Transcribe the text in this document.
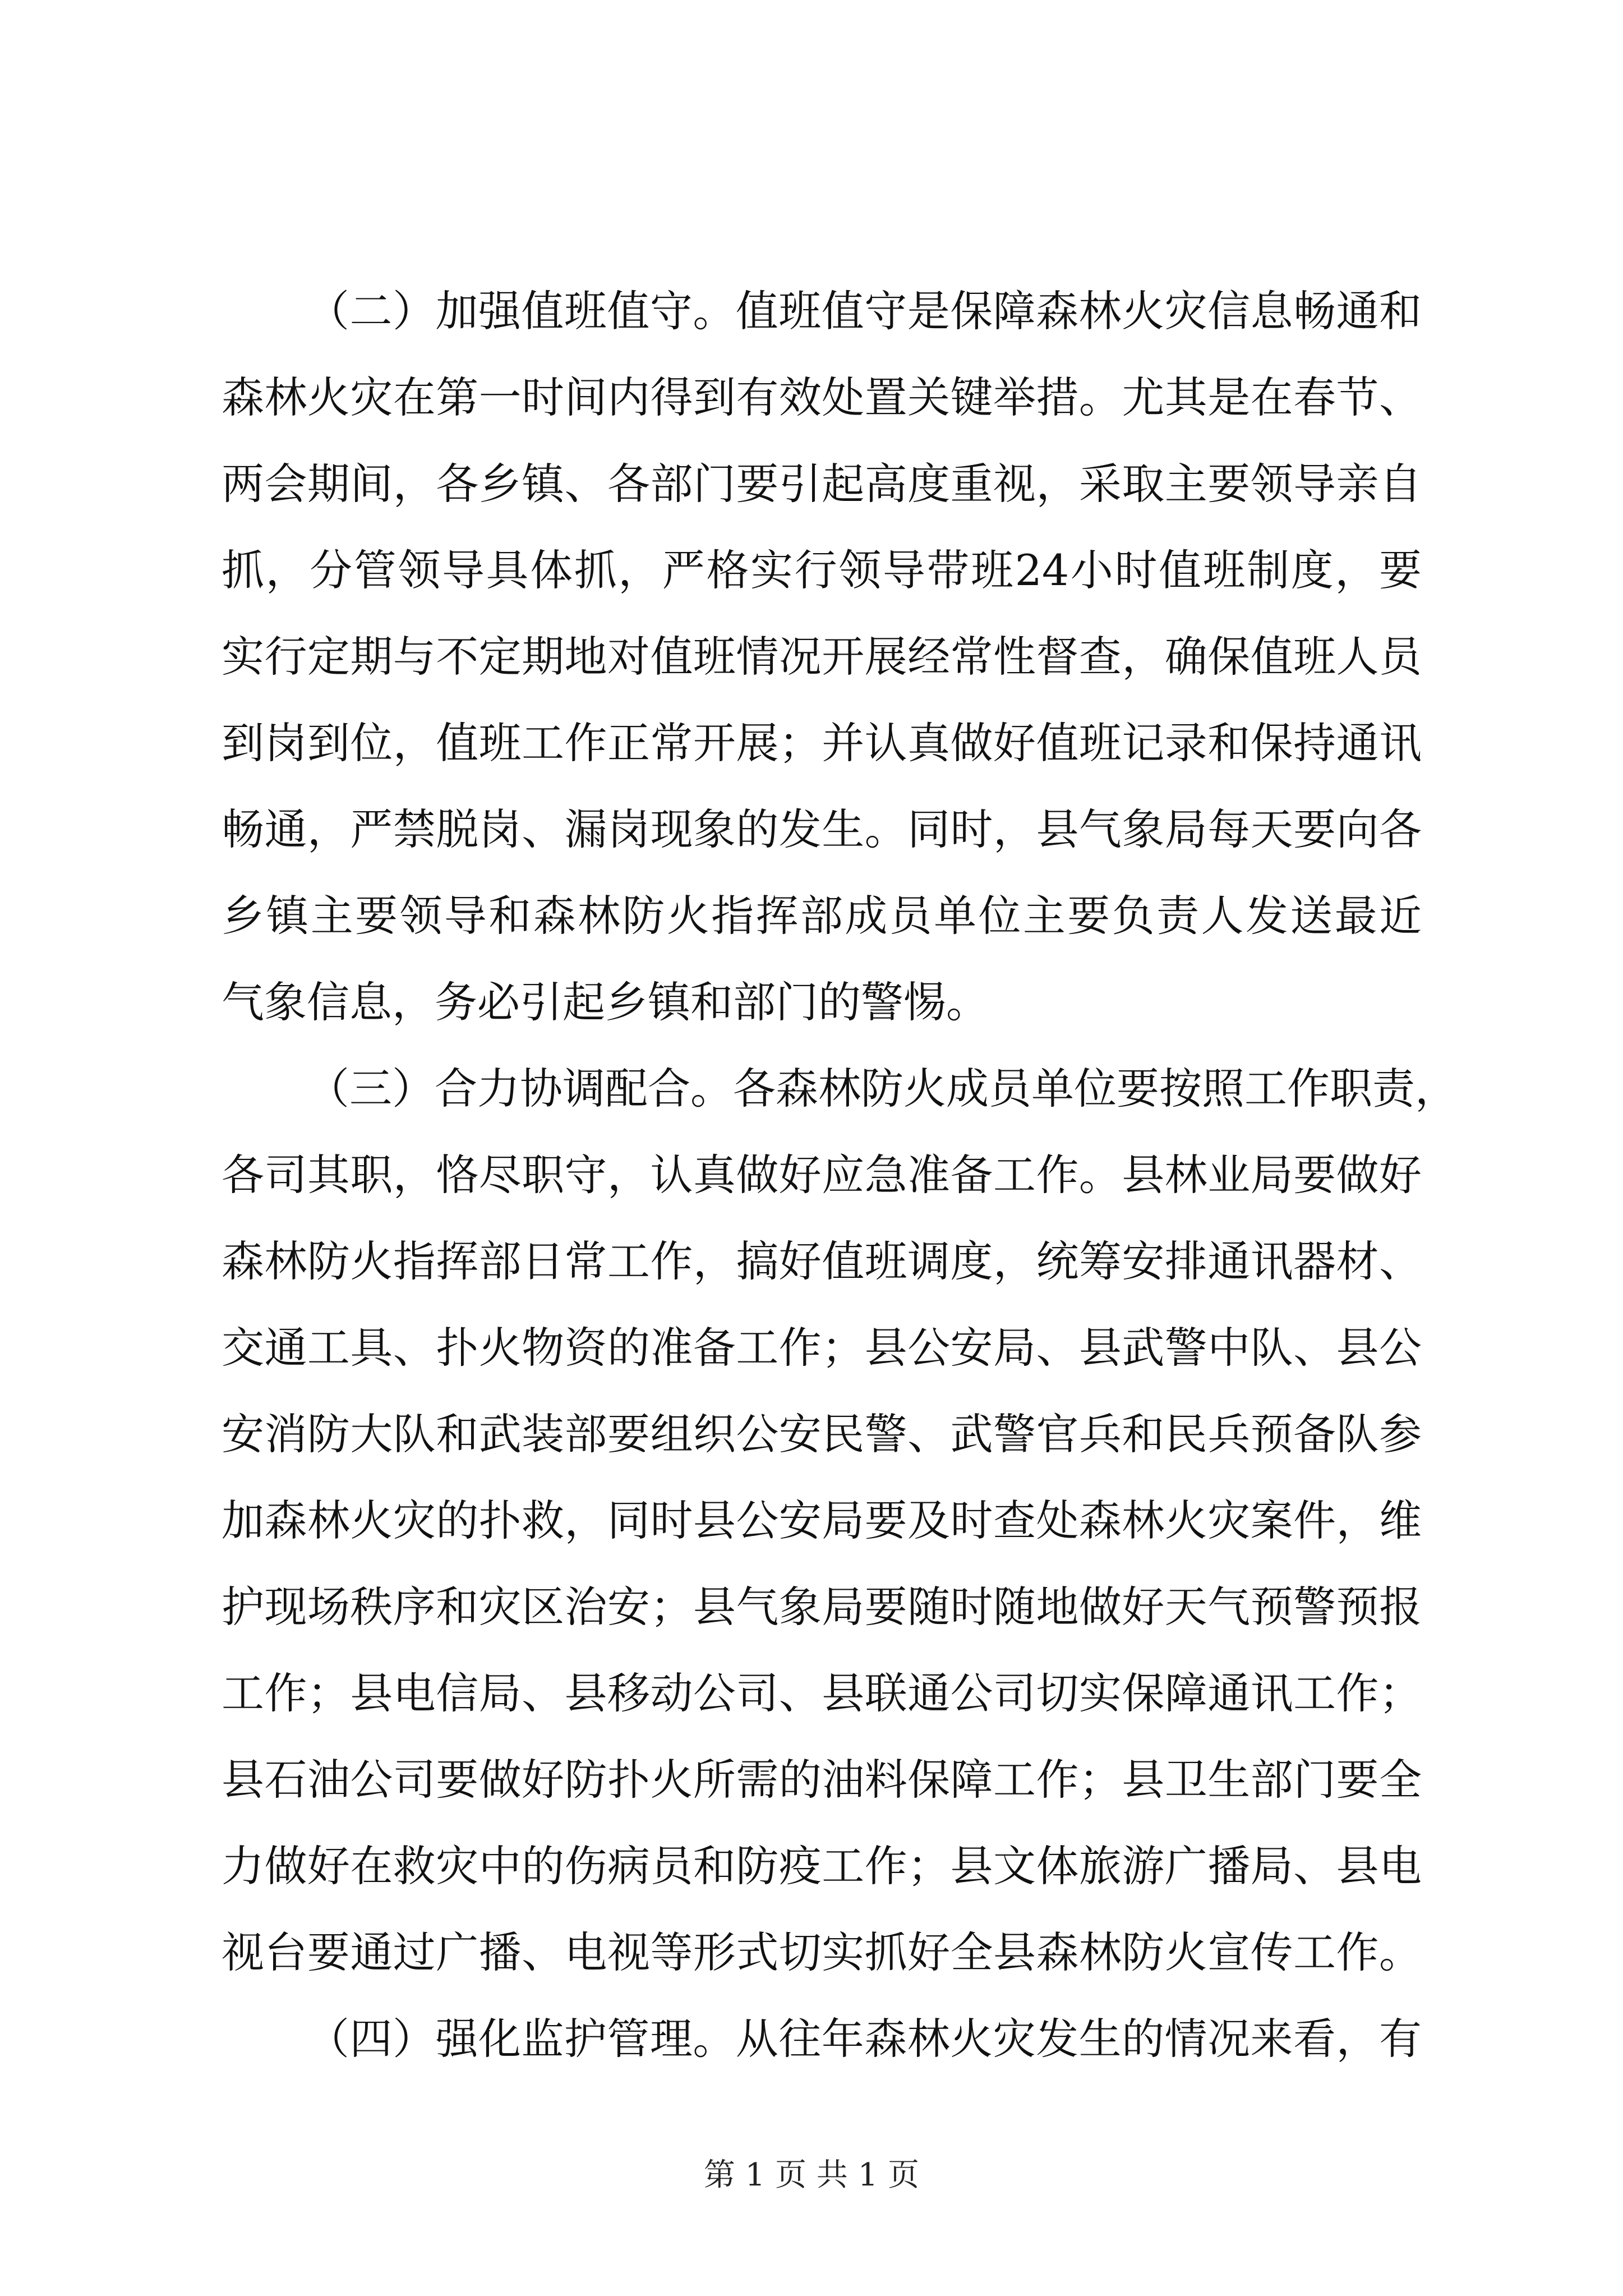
（二）加强值班值守。值班值守是保障森林火灾信息畅通和
森林火灾在第一时间内得到有效处置关键举措。尤其是在春节、
两会期间，各乡镇、各部门要引起高度重视，采取主要领导亲自
抓，分管领导具体抓，严格实行领导带班24小时值班制度，要
实行定期与不定期地对值班情况开展经常性督查，确保值班人员
到岗到位，值班工作正常开展；并认真做好值班记录和保持通讯
畅通，严禁脱岗、漏岗现象的发生。同时，县气象局每天要向各
乡镇主要领导和森林防火指挥部成员单位主要负责人发送最近
气象信息，务必引起乡镇和部门的警惕。
（三）合力协调配合。各森林防火成员单位要按照工作职责，
各司其职，恪尽职守，认真做好应急准备工作。县林业局要做好
森林防火指挥部日常工作，搞好值班调度，统筹安排通讯器材、
交通工具、扑火物资的准备工作；县公安局、县武警中队、县公
安消防大队和武装部要组织公安民警、武警官兵和民兵预备队参
加森林火灾的扑救，同时县公安局要及时查处森林火灾案件，维
护现场秩序和灾区治安；县气象局要随时随地做好天气预警预报
工作；县电信局、县移动公司、县联通公司切实保障通讯工作；
县石油公司要做好防扑火所需的油料保障工作；县卫生部门要全
力做好在救灾中的伤病员和防疫工作；县文体旅游广播局、县电
视台要通过广播、电视等形式切实抓好全县森林防火宣传工作。
（四）强化监护管理。从往年森林火灾发生的情况来看，有
第 1 页 共 1 页
